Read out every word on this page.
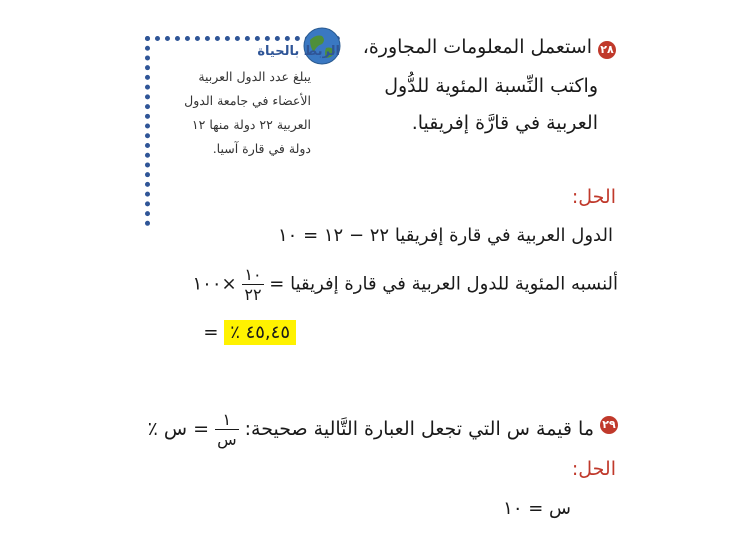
الربط بالحياة
يبلغ عدد الدول العربية
الأعضاء في جامعة الدول
العربية ٢٢ دولة منها ١٢
دولة في قارة آسيا.
٢٨
استعمل المعلومات المجاورة،
واكتب النِّسبة المئوية للدُّول
العربية في قارَّة إفريقيا.
الحل:
الدول العربية في قارة إفريقيا ٢٢ − ١٢ = ١٠
ألنسبه المئوية للدول العربية في قارة إفريقيا =
$\frac{١٠}{٢٢}$
×١٠٠
= ٪ ٤٥,٤٥
٢٩
ما قيمة س التي تجعل العبارة التَّالية صحيحة:
$\frac{١}{\text{س}}$
= س ٪
الحل:
س = ١٠
